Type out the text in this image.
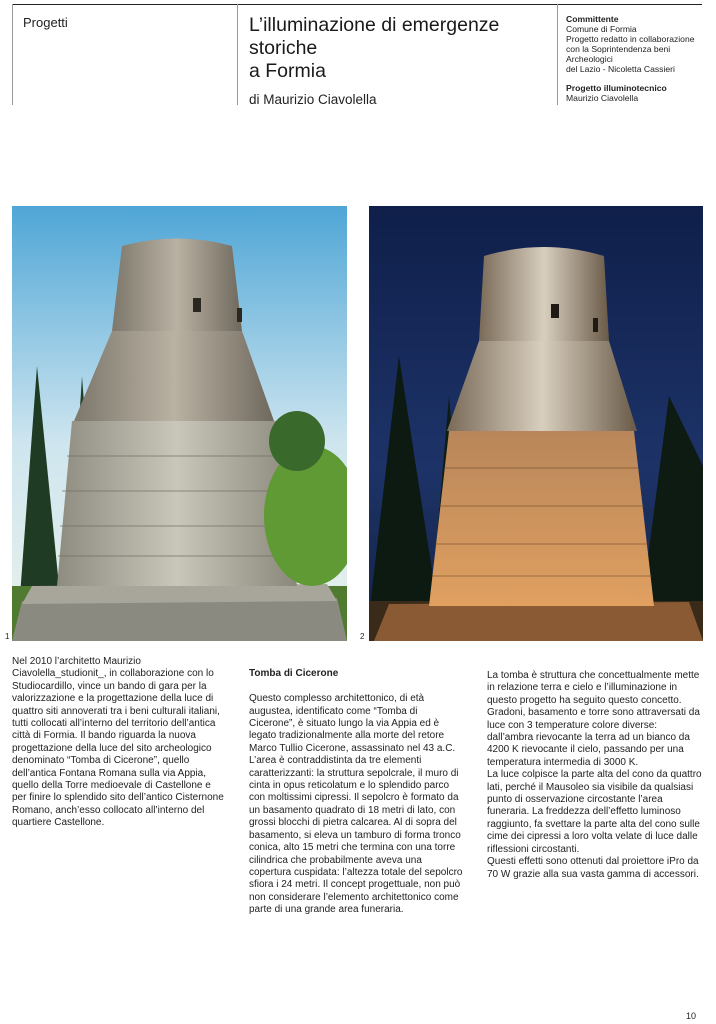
Progetti	L’illuminazione di emergenze storiche
a Formia
di Maurizio Ciavolella
Committente
Comune di Formia
Progetto redatto in collaborazione
con la Soprintendenza beni Archeologici
del Lazio - Nicoletta Cassieri
Progetto illuminotecnico
Maurizio Ciavolella
1	2
Nel 2010 l’architetto Maurizio Ciavolella_studionit_, in collaborazione con lo Studiocardillo, vince un bando di gara per la valorizzazione e la progettazione della luce di quattro siti annoverati tra i beni culturali italiani, tutti collocati all’interno del territorio dell’antica città di Formia. Il bando riguarda la nuova progettazione della luce del sito archeologico denominato “Tomba di Cicerone”, quello dell’antica Fontana Romana sulla via Appia, quello della Torre medioevale di Castellone e per finire lo splendido sito dell’antico Cisternone Romano, anch’esso collocato all’interno del quartiere Castellone.

Tomba di Cicerone

Questo complesso architettonico, di età augustea, identificato come “Tomba di Cicerone”, è situato lungo la via Appia ed è legato tradizionalmente alla morte del retore Marco Tullio Cicerone, assassinato nel 43 a.C. L’area è contraddistinta da tre elementi caratterizzanti: la struttura sepolcrale, il muro di cinta in opus reticolatum e lo splendido parco con moltissimi cipressi. Il sepolcro è formato da un basamento quadrato di 18 metri di lato, con grossi blocchi di pietra calcarea. Al di sopra del basamento, si eleva un tamburo di forma tronco conica, alto 15 metri che termina con una torre cilindrica che probabilmente aveva una copertura cuspidata: l’altezza totale del sepolcro sfiora i 24 metri. Il concept progettuale, non può non considerare l’elemento architettonico come parte di una grande area funeraria.

La tomba è struttura che concettualmente mette in relazione terra e cielo e l’illuminazione in questo progetto ha seguito questo concetto. Gradoni, basamento e torre sono attraversati da luce con 3 temperature colore diverse: dall’ambra rievocante la terra ad un bianco da 4200 K rievocante il cielo, passando per una temperatura intermedia di 3000 K.
La luce colpisce la parte alta del cono da quattro lati, perché il Mausoleo sia visibile da qualsiasi punto di osservazione circostante l’area funeraria. La freddezza dell’effetto luminoso raggiunto, fa svettare la parte alta del cono sulle cime dei cipressi a loro volta velate di luce dalle riflessioni circostanti.
Questi effetti sono ottenuti dal proiettore iPro da 70 W grazie alla sua vasta gamma di accessori.
10
